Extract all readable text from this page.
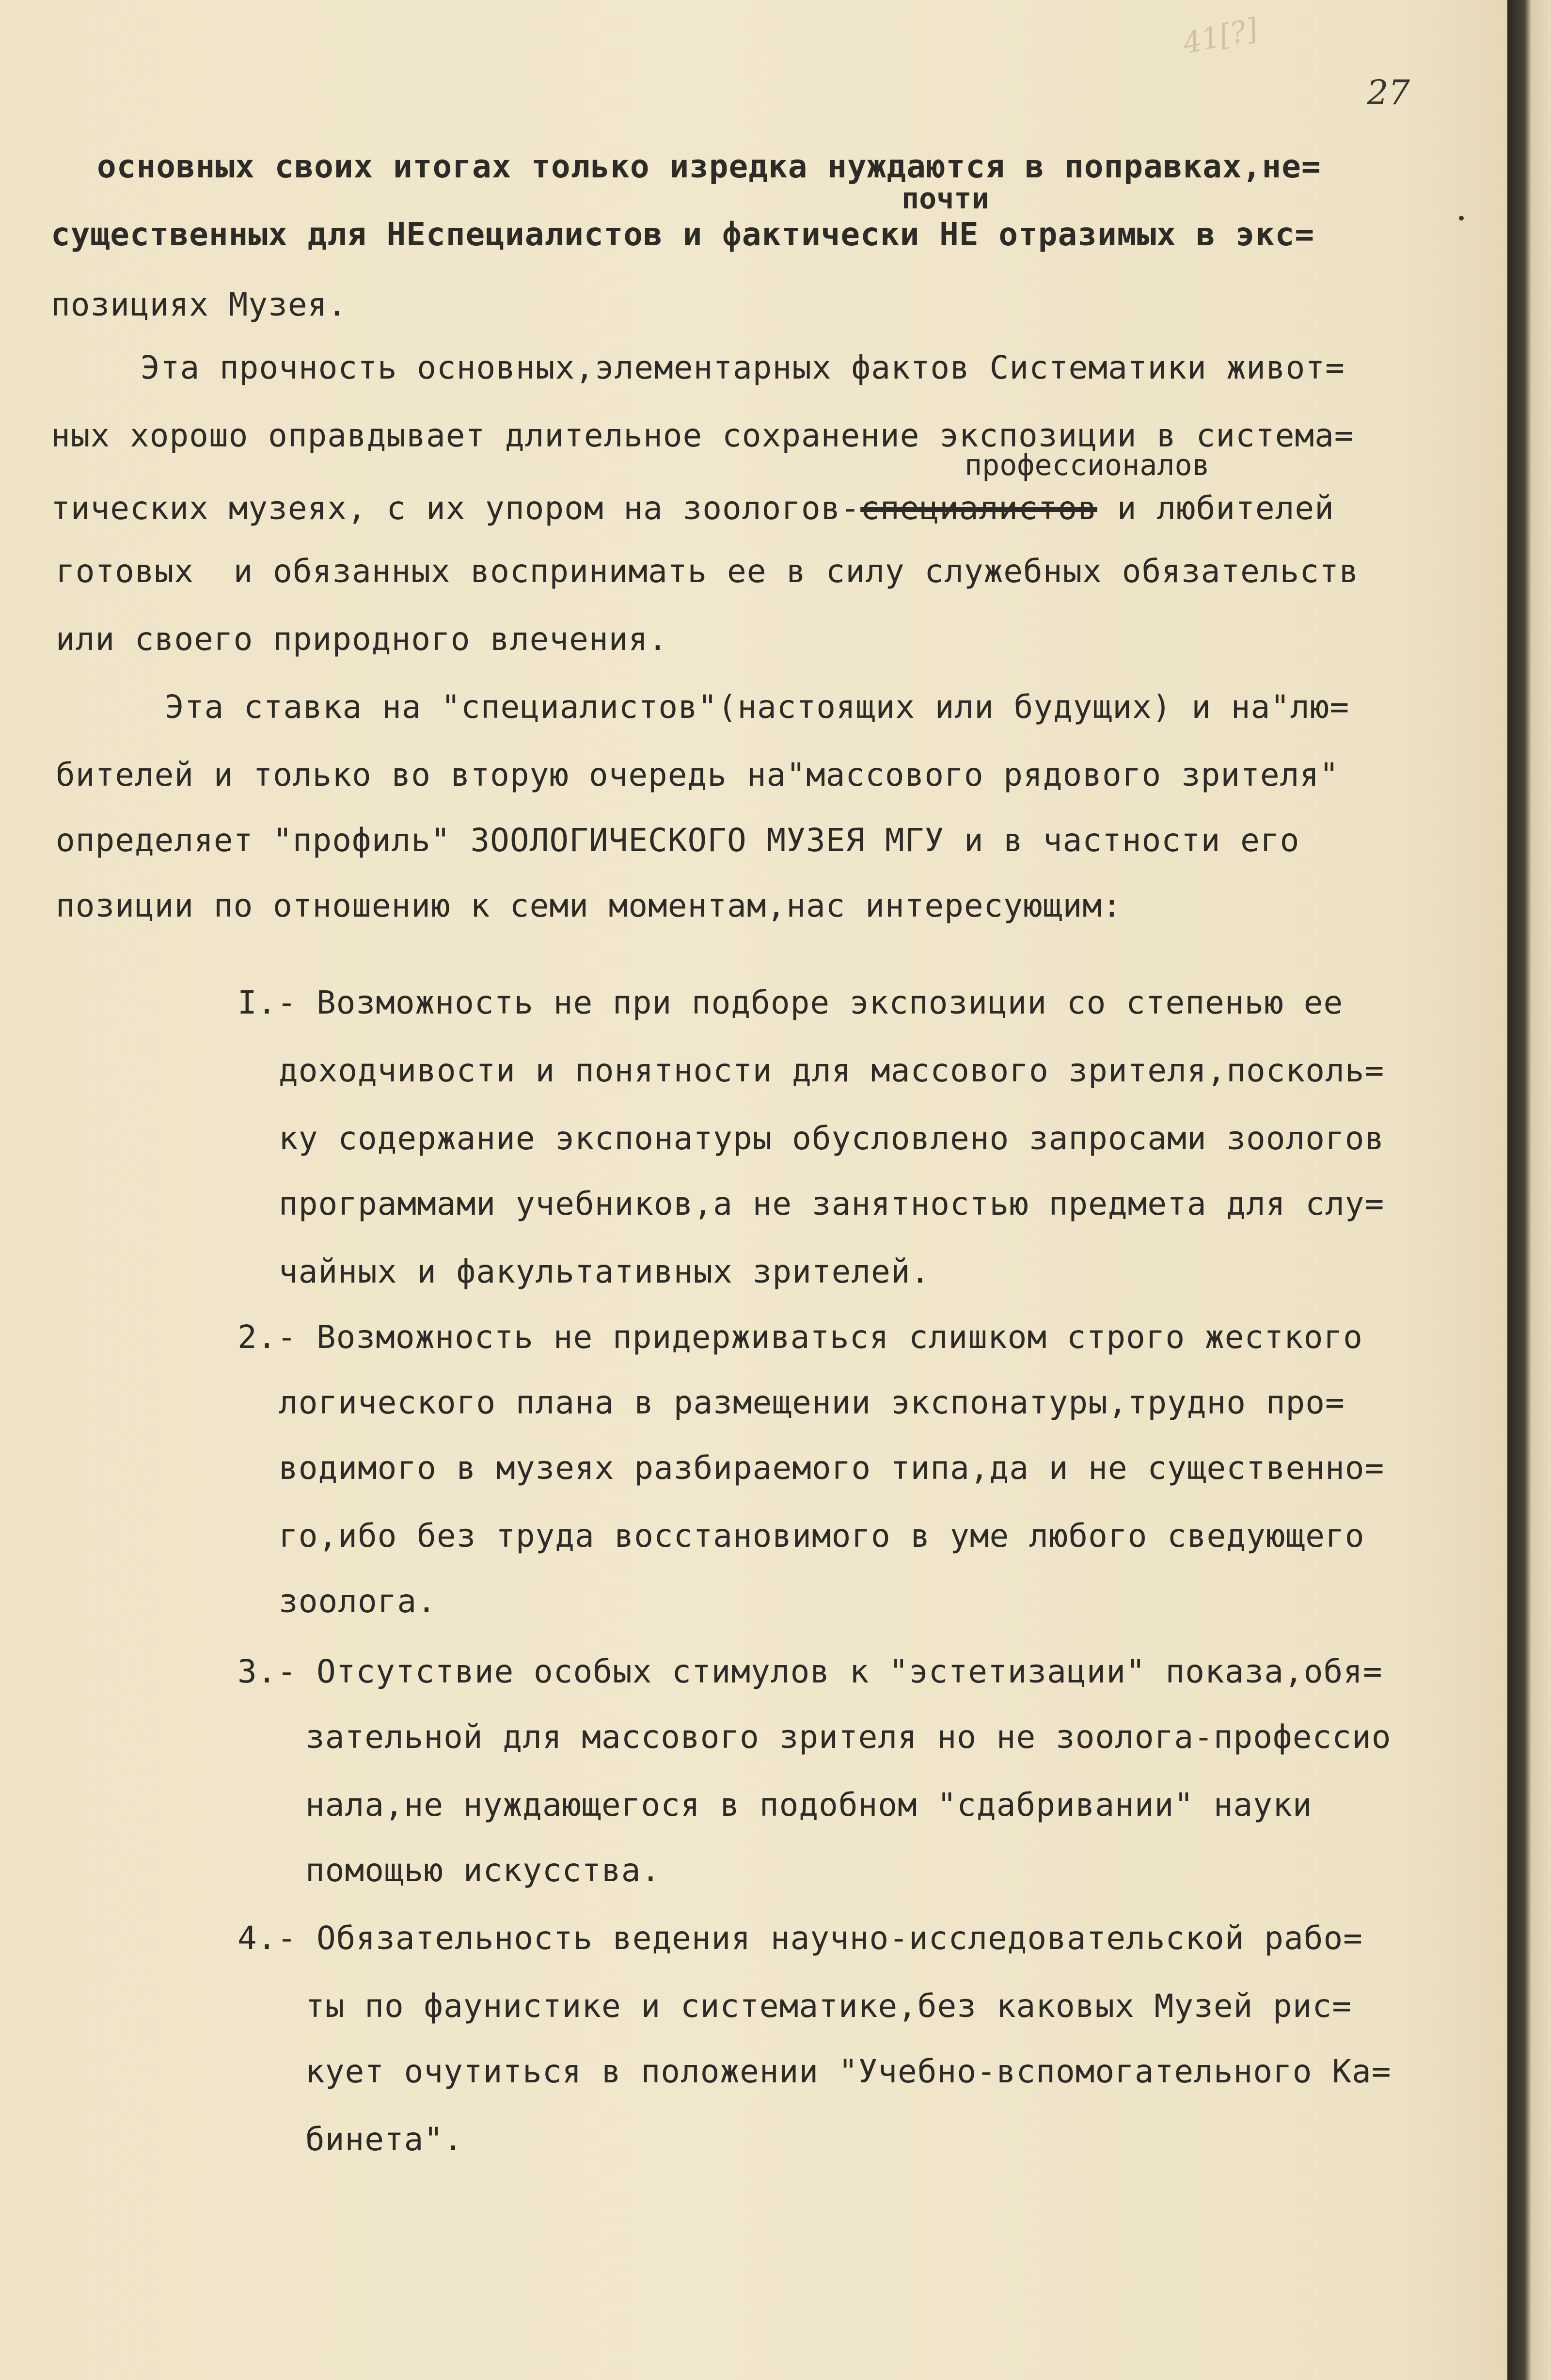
41[?]
27
основных своих итогах только изредка нуждаются в поправках,не=
почти
существенных для НЕспециалистов и фактически НЕ отразимых в экс=
позициях Музея.
Эта прочность основных,элементарных фактов Систематики живот=
ных хорошо оправдывает длительное сохранение экспозиции в система=
профессионалов
тических музеях, с их упором на зоологов-специалистов и любителей
готовых  и обязанных воспринимать ее в силу служебных обязательств
или своего природного влечения.
Эта ставка на "специалистов"(настоящих или будущих) и на"лю=
бителей и только во вторую очередь на"массового рядового зрителя"
определяет "профиль" ЗООЛОГИЧЕСКОГО МУЗЕЯ МГУ и в частности его
позиции по отношению к семи моментам,нас интересующим:
I.- Возможность не при подборе экспозиции со степенью ее
доходчивости и понятности для массового зрителя,посколь=
ку содержание экспонатуры обусловлено запросами зоологов
программами учебников,а не занятностью предмета для слу=
чайных и факультативных зрителей.
2.- Возможность не придерживаться слишком строго жесткого
логического плана в размещении экспонатуры,трудно про=
водимого в музеях разбираемого типа,да и не существенно=
го,ибо без труда восстановимого в уме любого сведующего
зоолога.
3.- Отсутствие особых стимулов к "эстетизации" показа,обя=
зательной для массового зрителя но не зоолога-профессио
нала,не нуждающегося в подобном "сдабривании" науки
помощью искусства.
4.- Обязательность ведения научно-исследовательской рабо=
ты по фаунистике и систематике,без каковых Музей рис=
кует очутиться в положении "Учебно-вспомогательного Ка=
бинета".
